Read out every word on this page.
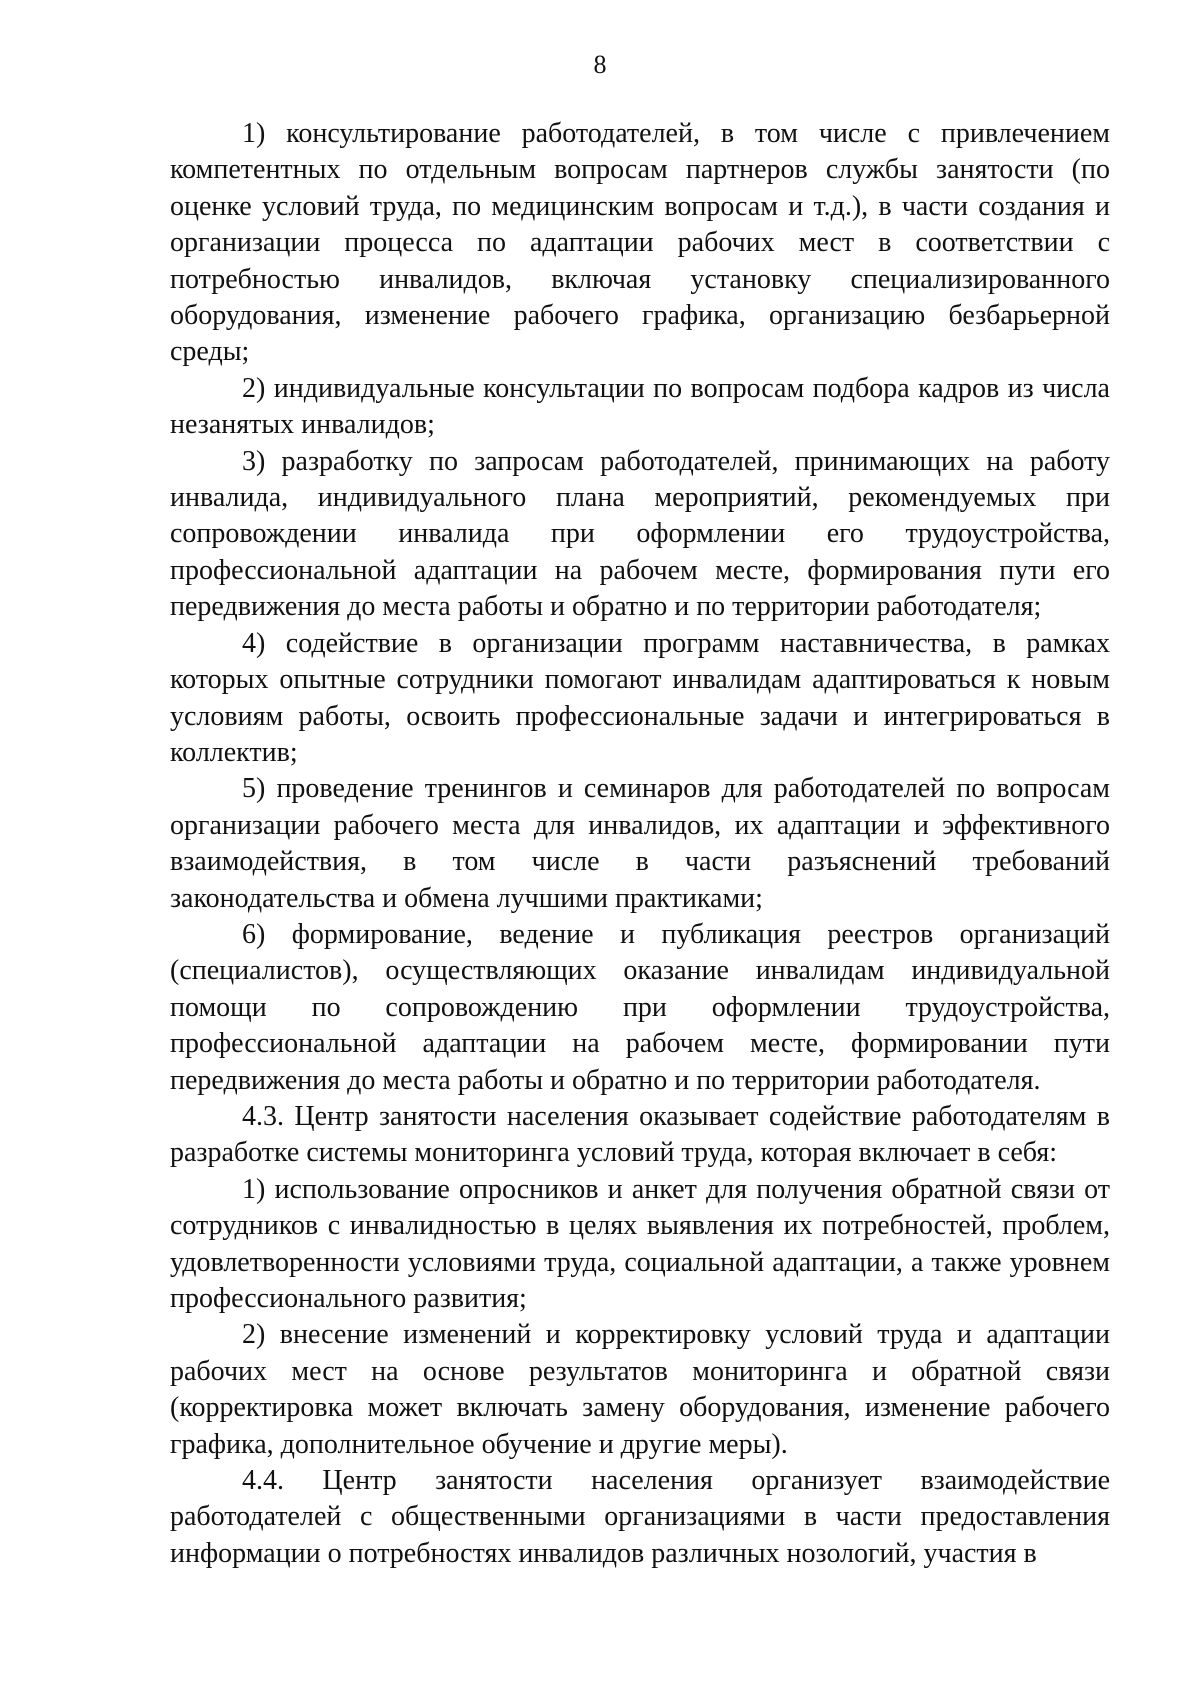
8

1) консультирование работодателей, в том числе с привлечением компетентных по отдельным вопросам партнеров службы занятости (по оценке условий труда, по медицинским вопросам и т.д.), в части создания и организации процесса по адаптации рабочих мест в соответствии с потребностью инвалидов, включая установку специализированного оборудования, изменение рабочего графика, организацию безбарьерной среды;

2) индивидуальные консультации по вопросам подбора кадров из числа незанятых инвалидов;

3) разработку по запросам работодателей, принимающих на работу инвалида, индивидуального плана мероприятий, рекомендуемых при сопровождении инвалида при оформлении его трудоустройства, профессиональной адаптации на рабочем месте, формирования пути его передвижения до места работы и обратно и по территории работодателя;

4) содействие в организации программ наставничества, в рамках которых опытные сотрудники помогают инвалидам адаптироваться к новым условиям работы, освоить профессиональные задачи и интегрироваться в коллектив;

5) проведение тренингов и семинаров для работодателей по вопросам организации рабочего места для инвалидов, их адаптации и эффективного взаимодействия, в том числе в части разъяснений требований законодательства и обмена лучшими практиками;

6) формирование, ведение и публикация реестров организаций (специалистов), осуществляющих оказание инвалидам индивидуальной помощи по сопровождению при оформлении трудоустройства, профессиональной адаптации на рабочем месте, формировании пути передвижения до места работы и обратно и по территории работодателя.

4.3. Центр занятости населения оказывает содействие работодателям в разработке системы мониторинга условий труда, которая включает в себя:

1) использование опросников и анкет для получения обратной связи от сотрудников с инвалидностью в целях выявления их потребностей, проблем, удовлетворенности условиями труда, социальной адаптации, а также уровнем профессионального развития;

2) внесение изменений и корректировку условий труда и адаптации рабочих мест на основе результатов мониторинга и обратной связи (корректировка может включать замену оборудования, изменение рабочего графика, дополнительное обучение и другие меры).

4.4. Центр занятости населения организует взаимодействие работодателей с общественными организациями в части предоставления информации о потребностях инвалидов различных нозологий, участия в
